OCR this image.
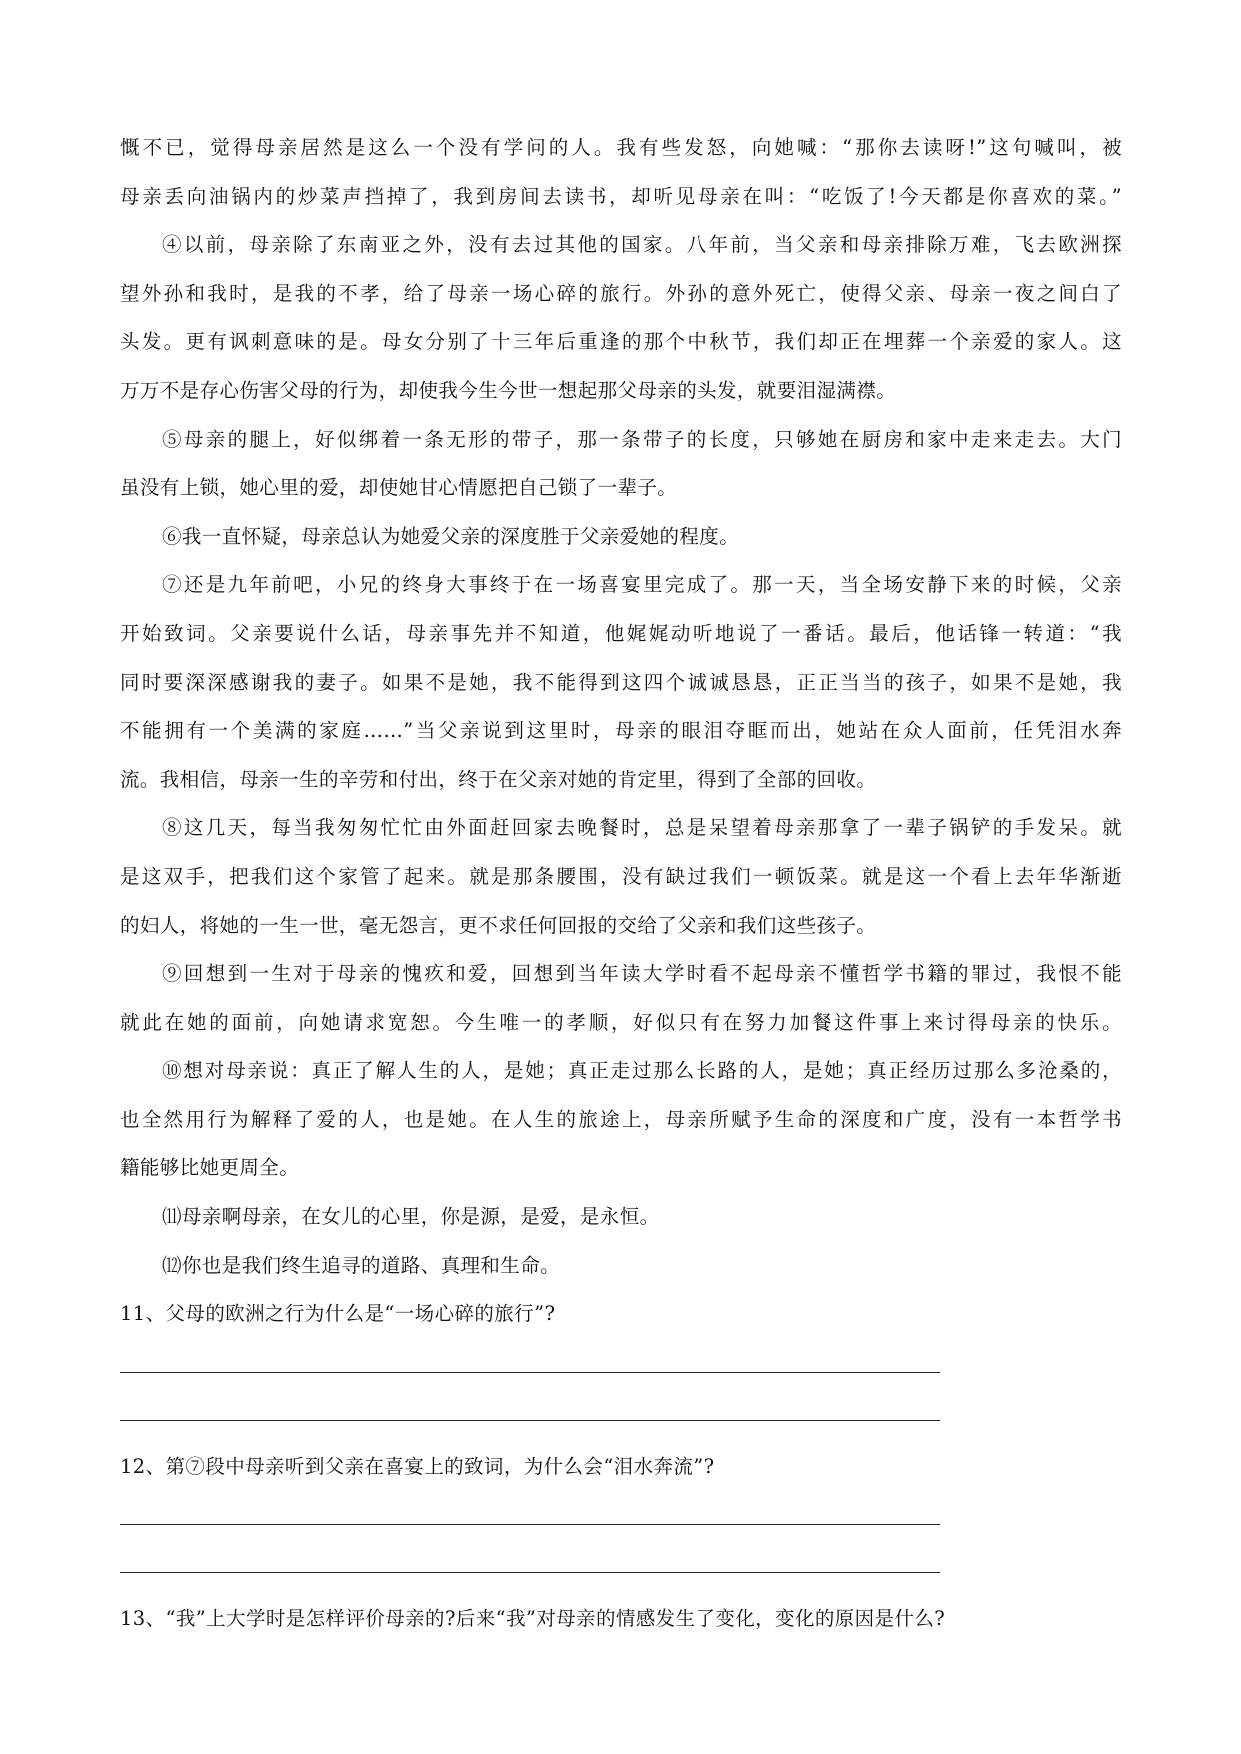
慨不已，觉得母亲居然是这么一个没有学问的人。我有些发怒，向她喊：“那你去读呀!”这句喊叫，被
母亲丢向油锅内的炒菜声挡掉了，我到房间去读书，却听见母亲在叫：“吃饭了!今天都是你喜欢的菜。”
④以前，母亲除了东南亚之外，没有去过其他的国家。八年前，当父亲和母亲排除万难，飞去欧洲探
望外孙和我时，是我的不孝，给了母亲一场心碎的旅行。外孙的意外死亡，使得父亲、母亲一夜之间白了
头发。更有讽刺意味的是。母女分别了十三年后重逢的那个中秋节，我们却正在埋葬一个亲爱的家人。这
万万不是存心伤害父母的行为，却使我今生今世一想起那父母亲的头发，就要泪湿满襟。
⑤母亲的腿上，好似绑着一条无形的带子，那一条带子的长度，只够她在厨房和家中走来走去。大门
虽没有上锁，她心里的爱，却使她甘心情愿把自己锁了一辈子。
⑥我一直怀疑，母亲总认为她爱父亲的深度胜于父亲爱她的程度。
⑦还是九年前吧，小兄的终身大事终于在一场喜宴里完成了。那一天，当全场安静下来的时候，父亲
开始致词。父亲要说什么话，母亲事先并不知道，他娓娓动听地说了一番话。最后，他话锋一转道：“我
同时要深深感谢我的妻子。如果不是她，我不能得到这四个诚诚恳恳，正正当当的孩子，如果不是她，我
不能拥有一个美满的家庭……”当父亲说到这里时，母亲的眼泪夺眶而出，她站在众人面前，任凭泪水奔
流。我相信，母亲一生的辛劳和付出，终于在父亲对她的肯定里，得到了全部的回收。
⑧这几天，每当我匆匆忙忙由外面赶回家去晚餐时，总是呆望着母亲那拿了一辈子锅铲的手发呆。就
是这双手，把我们这个家管了起来。就是那条腰围，没有缺过我们一顿饭菜。就是这一个看上去年华渐逝
的妇人，将她的一生一世，毫无怨言，更不求任何回报的交给了父亲和我们这些孩子。
⑨回想到一生对于母亲的愧疚和爱，回想到当年读大学时看不起母亲不懂哲学书籍的罪过，我恨不能
就此在她的面前，向她请求宽恕。今生唯一的孝顺，好似只有在努力加餐这件事上来讨得母亲的快乐。
⑩想对母亲说：真正了解人生的人，是她；真正走过那么长路的人，是她；真正经历过那么多沧桑的，
也全然用行为解释了爱的人，也是她。在人生的旅途上，母亲所赋予生命的深度和广度，没有一本哲学书
籍能够比她更周全。
⑾母亲啊母亲，在女儿的心里，你是源，是爱，是永恒。
⑿你也是我们终生追寻的道路、真理和生命。
11、父母的欧洲之行为什么是“一场心碎的旅行”?
12、第⑦段中母亲听到父亲在喜宴上的致词，为什么会“泪水奔流”?
13、“我”上大学时是怎样评价母亲的?后来“我”对母亲的情感发生了变化，变化的原因是什么?
